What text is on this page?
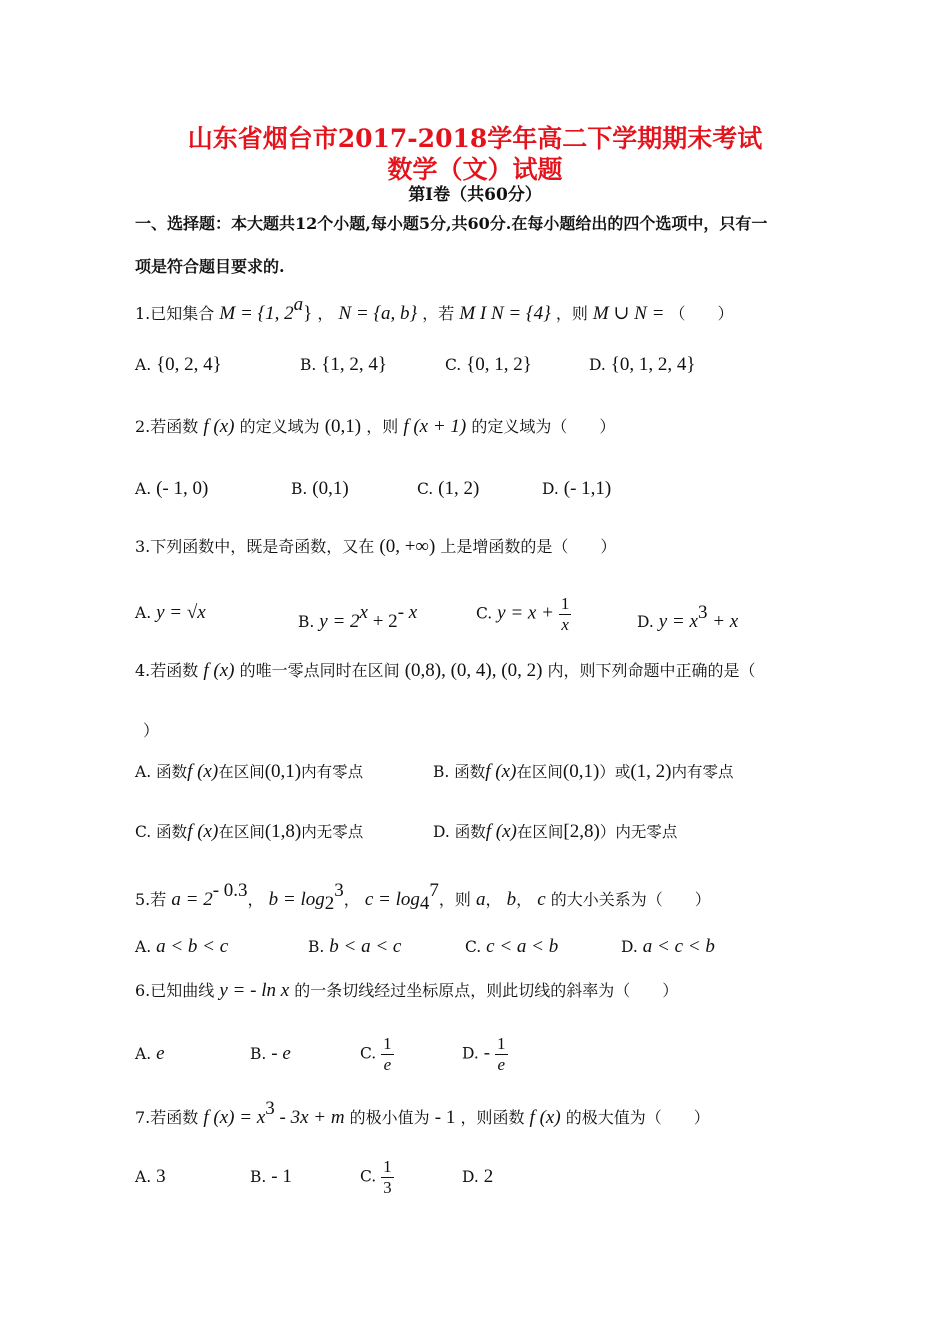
山东省烟台市2017-2018学年高二下学期期末考试
数学（文）试题
第Ⅰ卷（共60分）
一、选择题：本大题共12个小题,每小题5分,共60分.在每小题给出的四个选项中，只有一
项是符合题目要求的.
1.已知集合 M = {1, 2$^a$} ， N = {a, b} ，若 M I N = {4} ，则 M ∪ N = （　　）
A. {0, 2, 4}	B. {1, 2, 4}	C. {0, 1, 2}	D. {0, 1, 2, 4}
2.若函数 f (x) 的定义域为 (0,1) ，则 f (x + 1) 的定义域为（　　）
A. (- 1, 0)	B. (0,1)	C. (1, 2)	D. (- 1,1)
3.下列函数中，既是奇函数，又在 (0, +∞) 上是增函数的是（　　）
A. y = √x	B. $y = 2^x + 2^{- x}$	C. $y = x + \frac{1}{x}$	D. $y = x^3 + x$
4.若函数 f (x) 的唯一零点同时在区间 (0,8), (0, 4), (0, 2) 内，则下列命题中正确的是（
）
A. 函数f (x)在区间(0,1)内有零点	B. 函数f (x)在区间(0,1)）或(1, 2)内有零点
C. 函数f (x)在区间(1,8)内无零点	D. 函数f (x)在区间[2,8)）内无零点
5.若 $a = 2^{- 0.3}$， $b = \log_2^3$， $c = \log_4^7$，则 a， b， c 的大小关系为（　　）
A. a < b < c	B. b < a < c	C. c < a < b	D. a < c < b
6.已知曲线 y = - ln x 的一条切线经过坐标原点，则此切线的斜率为（　　）
A. e	B. - e	C. $\frac{1}{e}$	D. - $\frac{1}{e}$
7.若函数 f $(x) = x^3 - 3x + m$ 的极小值为 - 1 ，则函数 f (x) 的极大值为（　　）
A. 3	B. - 1	C. $\frac{1}{3}$	D. 2
